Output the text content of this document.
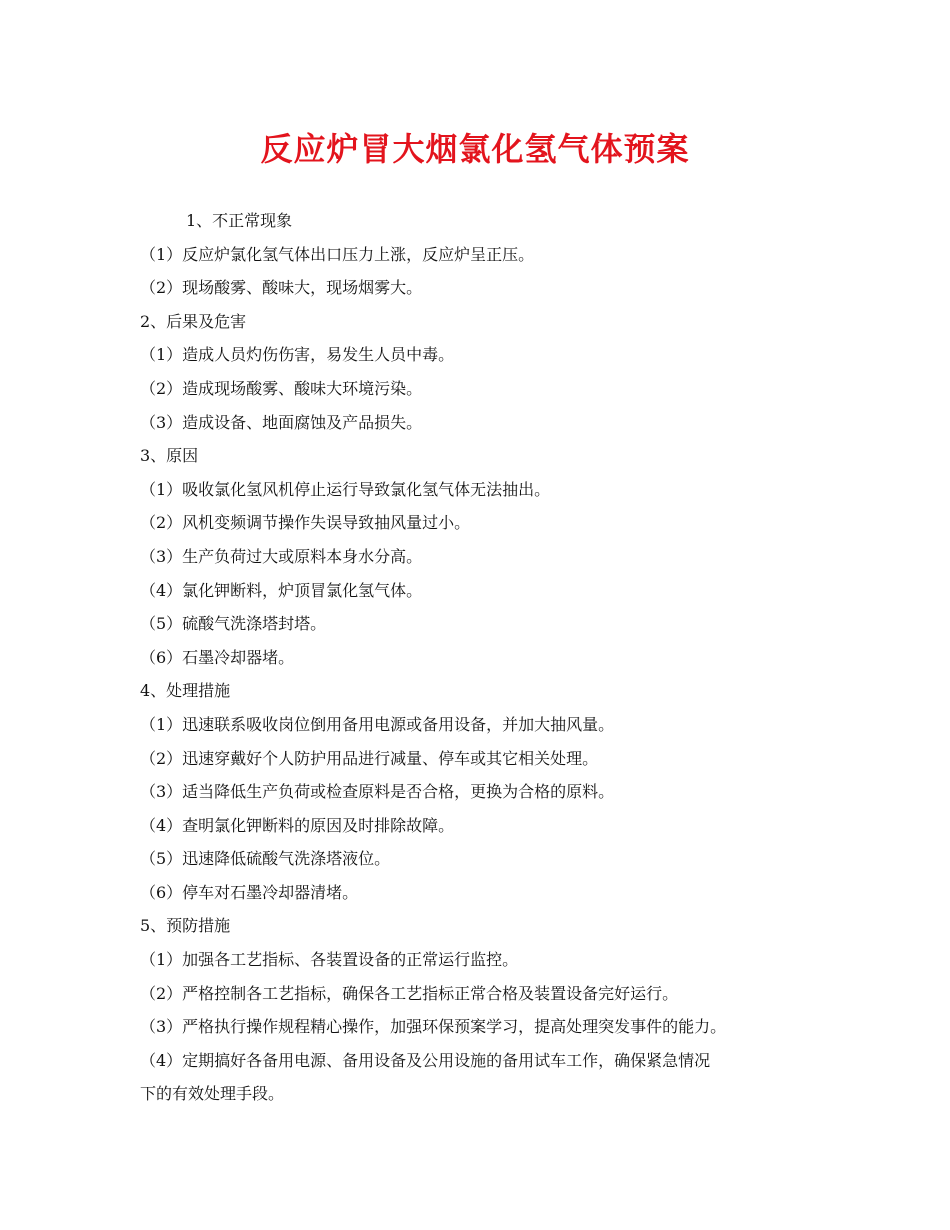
反应炉冒大烟氯化氢气体预案
1、不正常现象
（1）反应炉氯化氢气体出口压力上涨，反应炉呈正压。
（2）现场酸雾、酸味大，现场烟雾大。
2、后果及危害
（1）造成人员灼伤伤害，易发生人员中毒。
（2）造成现场酸雾、酸味大环境污染。
（3）造成设备、地面腐蚀及产品损失。
3、原因
（1）吸收氯化氢风机停止运行导致氯化氢气体无法抽出。
（2）风机变频调节操作失误导致抽风量过小。
（3）生产负荷过大或原料本身水分高。
（4）氯化钾断料，炉顶冒氯化氢气体。
（5）硫酸气洗涤塔封塔。
（6）石墨冷却器堵。
4、处理措施
（1）迅速联系吸收岗位倒用备用电源或备用设备，并加大抽风量。
（2）迅速穿戴好个人防护用品进行减量、停车或其它相关处理。
（3）适当降低生产负荷或检查原料是否合格，更换为合格的原料。
（4）查明氯化钾断料的原因及时排除故障。
（5）迅速降低硫酸气洗涤塔液位。
（6）停车对石墨冷却器清堵。
5、预防措施
（1）加强各工艺指标、各装置设备的正常运行监控。
（2）严格控制各工艺指标，确保各工艺指标正常合格及装置设备完好运行。
（3）严格执行操作规程精心操作，加强环保预案学习，提高处理突发事件的能力。
（4）定期搞好各备用电源、备用设备及公用设施的备用试车工作，确保紧急情况
下的有效处理手段。
